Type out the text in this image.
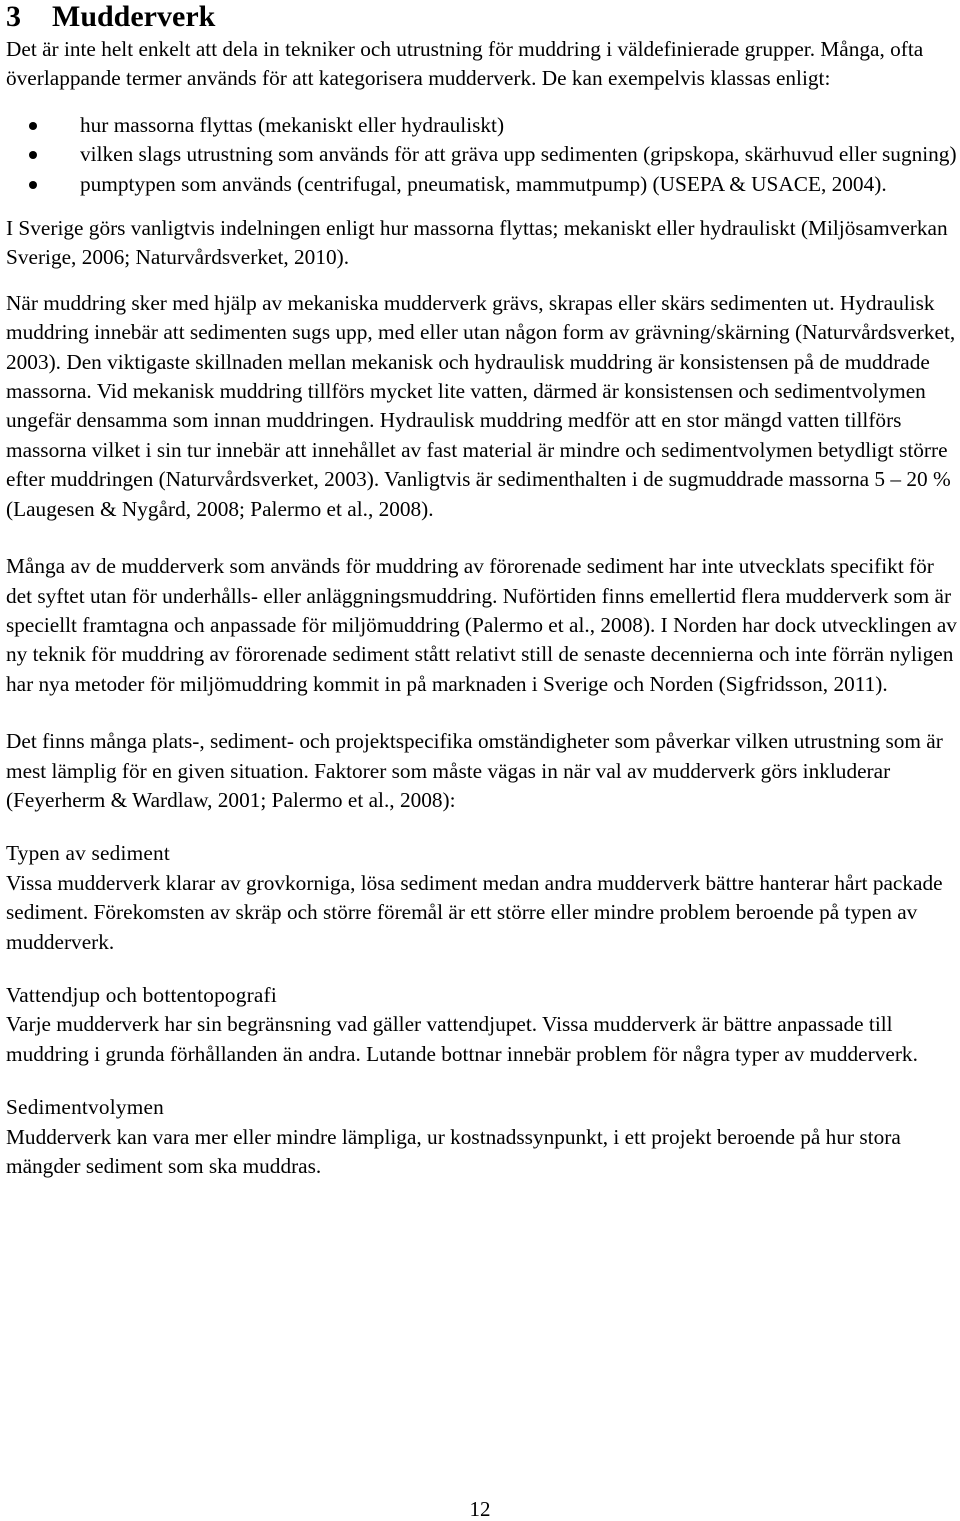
3 Mudderverk

Det är inte helt enkelt att dela in tekniker och utrustning för muddring i väldefinierade grupper. Många, ofta överlappande termer används för att kategorisera mudderverk. De kan exempelvis klassas enligt:

hur massorna flyttas (mekaniskt eller hydrauliskt)
vilken slags utrustning som används för att gräva upp sedimenten (gripskopa, skärhuvud eller sugning)
pumptypen som används (centrifugal, pneumatisk, mammutpump) (USEPA & USACE, 2004).

I Sverige görs vanligtvis indelningen enligt hur massorna flyttas; mekaniskt eller hydrauliskt (Miljösamverkan Sverige, 2006; Naturvårdsverket, 2010).

När muddring sker med hjälp av mekaniska mudderverk grävs, skrapas eller skärs sedimenten ut. Hydraulisk muddring innebär att sedimenten sugs upp, med eller utan någon form av grävning/skärning (Naturvårdsverket, 2003). Den viktigaste skillnaden mellan mekanisk och hydraulisk muddring är konsistensen på de muddrade massorna. Vid mekanisk muddring tillförs mycket lite vatten, därmed är konsistensen och sedimentvolymen ungefär densamma som innan muddringen. Hydraulisk muddring medför att en stor mängd vatten tillförs massorna vilket i sin tur innebär att innehållet av fast material är mindre och sedimentvolymen betydligt större efter muddringen (Naturvårdsverket, 2003). Vanligtvis är sedimenthalten i de sugmuddrade massorna 5 – 20 % (Laugesen & Nygård, 2008; Palermo et al., 2008).

Många av de mudderverk som används för muddring av förorenade sediment har inte utvecklats specifikt för det syftet utan för underhålls- eller anläggningsmuddring. Nuförtiden finns emellertid flera mudderverk som är speciellt framtagna och anpassade för miljömuddring (Palermo et al., 2008). I Norden har dock utvecklingen av ny teknik för muddring av förorenade sediment stått relativt still de senaste decennierna och inte förrän nyligen har nya metoder för miljömuddring kommit in på marknaden i Sverige och Norden (Sigfridsson, 2011).

Det finns många plats-, sediment- och projektspecifika omständigheter som påverkar vilken utrustning som är mest lämplig för en given situation. Faktorer som måste vägas in när val av mudderverk görs inkluderar (Feyerherm & Wardlaw, 2001; Palermo et al., 2008):

Typen av sediment

Vissa mudderverk klarar av grovkorniga, lösa sediment medan andra mudderverk bättre hanterar hårt packade sediment. Förekomsten av skräp och större föremål är ett större eller mindre problem beroende på typen av mudderverk.

Vattendjup och bottentopografi

Varje mudderverk har sin begränsning vad gäller vattendjupet. Vissa mudderverk är bättre anpassade till muddring i grunda förhållanden än andra. Lutande bottnar innebär problem för några typer av mudderverk.

Sedimentvolymen

Mudderverk kan vara mer eller mindre lämpliga, ur kostnadssynpunkt, i ett projekt beroende på hur stora mängder sediment som ska muddras.

12
